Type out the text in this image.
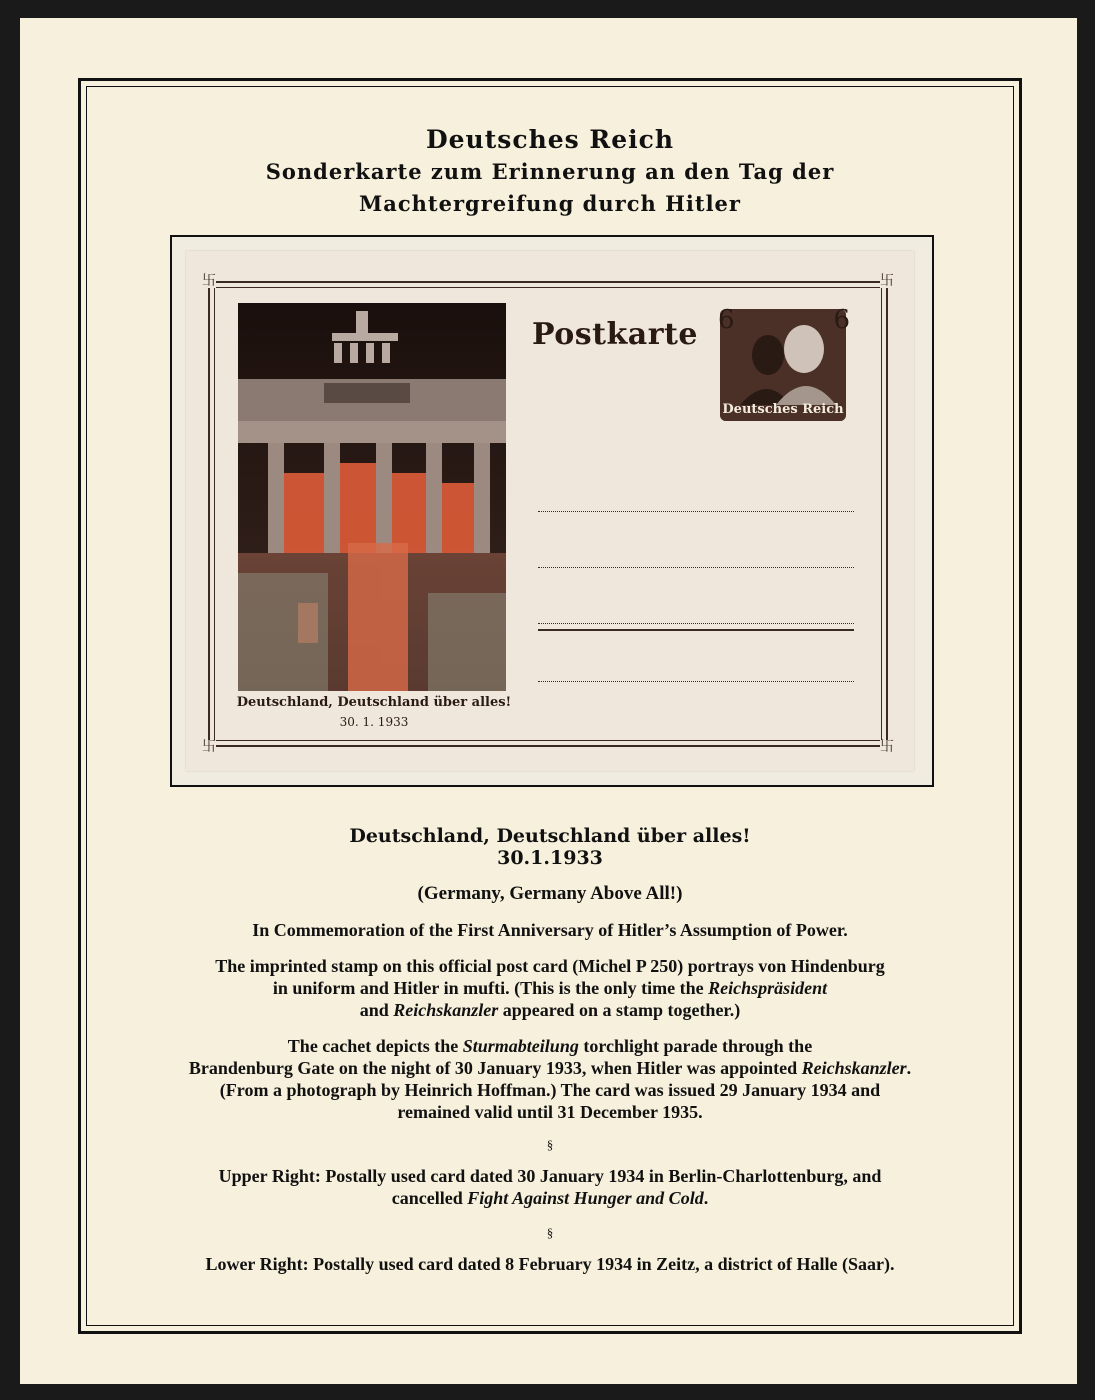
Deutsches Reich
Sonderkarte zum Erinnerung an den Tag der
Machtergreifung durch Hitler
卐	卐
卐	卐
Deutschland, Deutschland über alles!
30. 1. 1933
Postkarte
Deutsches Reich
6	6
Deutschland, Deutschland über alles!
30.1.1933
(Germany, Germany Above All!)
In Commemoration of the First Anniversary of Hitler’s Assumption of Power.
The imprinted stamp on this official post card (Michel P 250) portrays von Hindenburg
in uniform and Hitler in mufti. (This is the only time the Reichspräsident
and Reichskanzler appeared on a stamp together.)
The cachet depicts the Sturmabteilung torchlight parade through the
Brandenburg Gate on the night of 30 January 1933, when Hitler was appointed Reichskanzler.
(From a photograph by Heinrich Hoffman.) The card was issued 29 January 1934 and
remained valid until 31 December 1935.
§
Upper Right: Postally used card dated 30 January 1934 in Berlin-Charlottenburg, and
cancelled Fight Against Hunger and Cold.
§
Lower Right: Postally used card dated 8 February 1934 in Zeitz, a district of Halle (Saar).
